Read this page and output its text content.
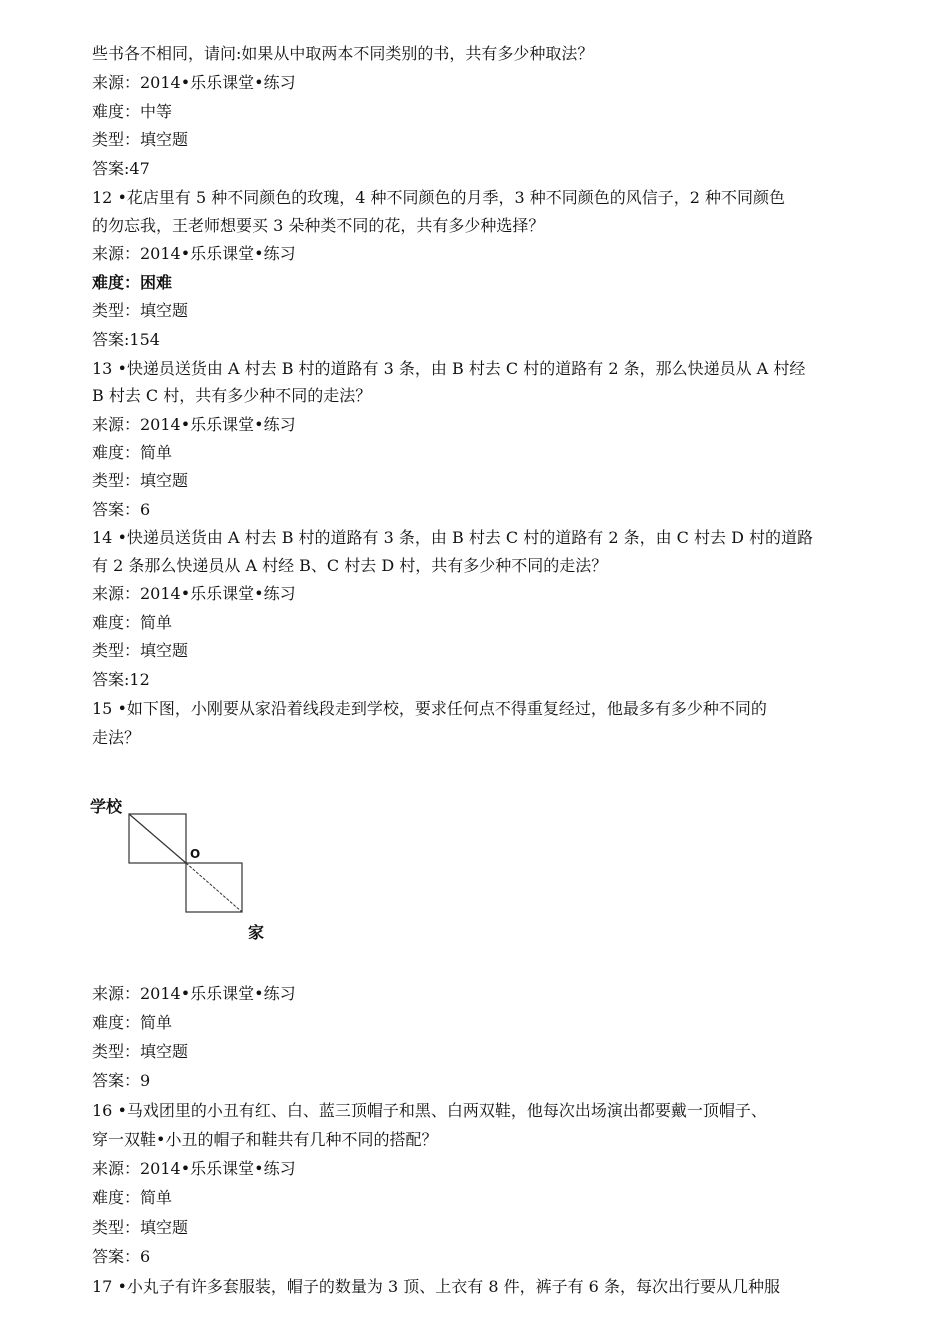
些书各不相同，请问:如果从中取两本不同类别的书，共有多少种取法？
来源：2014•乐乐课堂•练习
难度：中等
类型：填空题
答案:47
12 •花店里有 5 种不同颜色的玫瑰，4 种不同颜色的月季，3 种不同颜色的风信子，2 种不同颜色
的勿忘我，王老师想要买 3 朵种类不同的花，共有多少种选择？
来源：2014•乐乐课堂•练习
难度：困难
类型：填空题
答案:154
13 •快递员送货由 A 村去 B 村的道路有 3 条，由 B 村去 C 村的道路有 2 条，那么快递员从 A 村经
B 村去 C 村，共有多少种不同的走法？
来源：2014•乐乐课堂•练习
难度：简单
类型：填空题
答案：6
14 •快递员送货由 A 村去 B 村的道路有 3 条，由 B 村去 C 村的道路有 2 条，由 C 村去 D 村的道路
有 2 条那么快递员从 A 村经 B、C 村去 D 村，共有多少种不同的走法？
来源：2014•乐乐课堂•练习
难度：简单
类型：填空题
答案:12
15 •如下图，小刚要从家沿着线段走到学校，要求任何点不得重复经过，他最多有多少种不同的
走法？
学校
O
家
来源：2014•乐乐课堂•练习
难度：简单
类型：填空题
答案：9
16 •马戏团里的小丑有红、白、蓝三顶帽子和黑、白两双鞋，他每次出场演出都要戴一顶帽子、
穿一双鞋•小丑的帽子和鞋共有几种不同的搭配？
来源：2014•乐乐课堂•练习
难度：简单
类型：填空题
答案：6
17 •小丸子有许多套服装，帽子的数量为 3 顶、上衣有 8 件，裤子有 6 条，每次出行要从几种服
